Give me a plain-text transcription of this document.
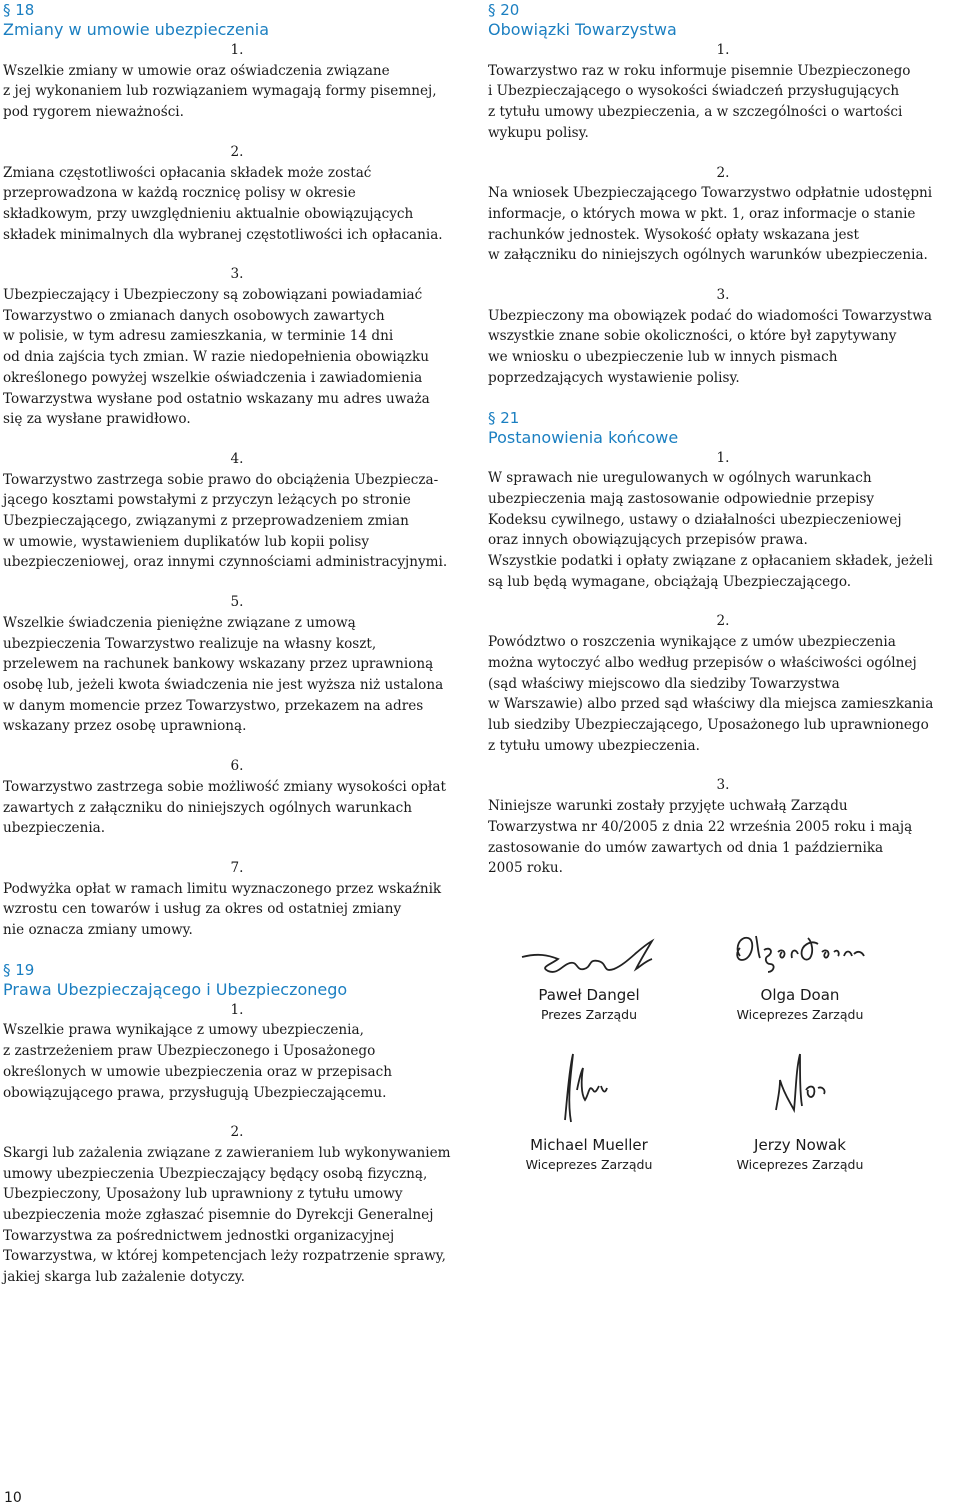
§ 18
Zmiany w umowie ubezpieczenia
1.
Wszelkie zmiany w umowie oraz oświadczenia związane
z jej wykonaniem lub rozwiązaniem wymagają formy pisemnej,
pod rygorem nieważności.
2.
Zmiana częstotliwości opłacania składek może zostać
przeprowadzona w każdą rocznicę polisy w okresie
składkowym, przy uwzględnieniu aktualnie obowiązujących
składek minimalnych dla wybranej częstotliwości ich opłacania.
3.
Ubezpieczający i Ubezpieczony są zobowiązani powiadamiać
Towarzystwo o zmianach danych osobowych zawartych
w polisie, w tym adresu zamieszkania, w terminie 14 dni
od dnia zajścia tych zmian. W razie niedopełnienia obowiązku
określonego powyżej wszelkie oświadczenia i zawiadomienia
Towarzystwa wysłane pod ostatnio wskazany mu adres uważa
się za wysłane prawidłowo.
4.
Towarzystwo zastrzega sobie prawo do obciążenia Ubezpiecza-
jącego kosztami powstałymi z przyczyn leżących po stronie
Ubezpieczającego, związanymi z przeprowadzeniem zmian
w umowie, wystawieniem duplikatów lub kopii polisy
ubezpieczeniowej, oraz innymi czynnościami administracyjnymi.
5.
Wszelkie świadczenia pieniężne związane z umową
ubezpieczenia Towarzystwo realizuje na własny koszt,
przelewem na rachunek bankowy wskazany przez uprawnioną
osobę lub, jeżeli kwota świadczenia nie jest wyższa niż ustalona
w danym momencie przez Towarzystwo, przekazem na adres
wskazany przez osobę uprawnioną.
6.
Towarzystwo zastrzega sobie możliwość zmiany wysokości opłat
zawartych z załączniku do niniejszych ogólnych warunkach
ubezpieczenia.
7.
Podwyżka opłat w ramach limitu wyznaczonego przez wskaźnik
wzrostu cen towarów i usług za okres od ostatniej zmiany
nie oznacza zmiany umowy.
§ 19
Prawa Ubezpieczającego i Ubezpieczonego
1.
Wszelkie prawa wynikające z umowy ubezpieczenia,
z zastrzeżeniem praw Ubezpieczonego i Uposażonego
określonych w umowie ubezpieczenia oraz w przepisach
obowiązującego prawa, przysługują Ubezpieczającemu.
2.
Skargi lub zażalenia związane z zawieraniem lub wykonywaniem
umowy ubezpieczenia Ubezpieczający będący osobą fizyczną,
Ubezpieczony, Uposażony lub uprawniony z tytułu umowy
ubezpieczenia może zgłaszać pisemnie do Dyrekcji Generalnej
Towarzystwa za pośrednictwem jednostki organizacyjnej
Towarzystwa, w której kompetencjach leży rozpatrzenie sprawy,
jakiej skarga lub zażalenie dotyczy.
§ 20
Obowiązki Towarzystwa
1.
Towarzystwo raz w roku informuje pisemnie Ubezpieczonego
i Ubezpieczającego o wysokości świadczeń przysługujących
z tytułu umowy ubezpieczenia, a w szczególności o wartości
wykupu polisy.
2.
Na wniosek Ubezpieczającego Towarzystwo odpłatnie udostępni
informacje, o których mowa w pkt. 1, oraz informacje o stanie
rachunków jednostek. Wysokość opłaty wskazana jest
w załączniku do niniejszych ogólnych warunków ubezpieczenia.
3.
Ubezpieczony ma obowiązek podać do wiadomości Towarzystwa
wszystkie znane sobie okoliczności, o które był zapytywany
we wniosku o ubezpieczenie lub w innych pismach
poprzedzających wystawienie polisy.
§ 21
Postanowienia końcowe
1.
W sprawach nie uregulowanych w ogólnych warunkach
ubezpieczenia mają zastosowanie odpowiednie przepisy
Kodeksu cywilnego, ustawy o działalności ubezpieczeniowej
oraz innych obowiązujących przepisów prawa.
Wszystkie podatki i opłaty związane z opłacaniem składek, jeżeli
są lub będą wymagane, obciążają Ubezpieczającego.
2.
Powództwo o roszczenia wynikające z umów ubezpieczenia
można wytoczyć albo według przepisów o właściwości ogólnej
(sąd właściwy miejscowo dla siedziby Towarzystwa
w Warszawie) albo przed sąd właściwy dla miejsca zamieszkania
lub siedziby Ubezpieczającego, Uposażonego lub uprawnionego
z tytułu umowy ubezpieczenia.
3.
Niniejsze warunki zostały przyjęte uchwałą Zarządu
Towarzystwa nr 40/2005 z dnia 22 września 2005 roku i mają
zastosowanie do umów zawartych od dnia 1 października
2005 roku.
Paweł Dangel
Prezes Zarządu
Olga Doan
Wiceprezes Zarządu
Michael Mueller
Wiceprezes Zarządu
Jerzy Nowak
Wiceprezes Zarządu
10
